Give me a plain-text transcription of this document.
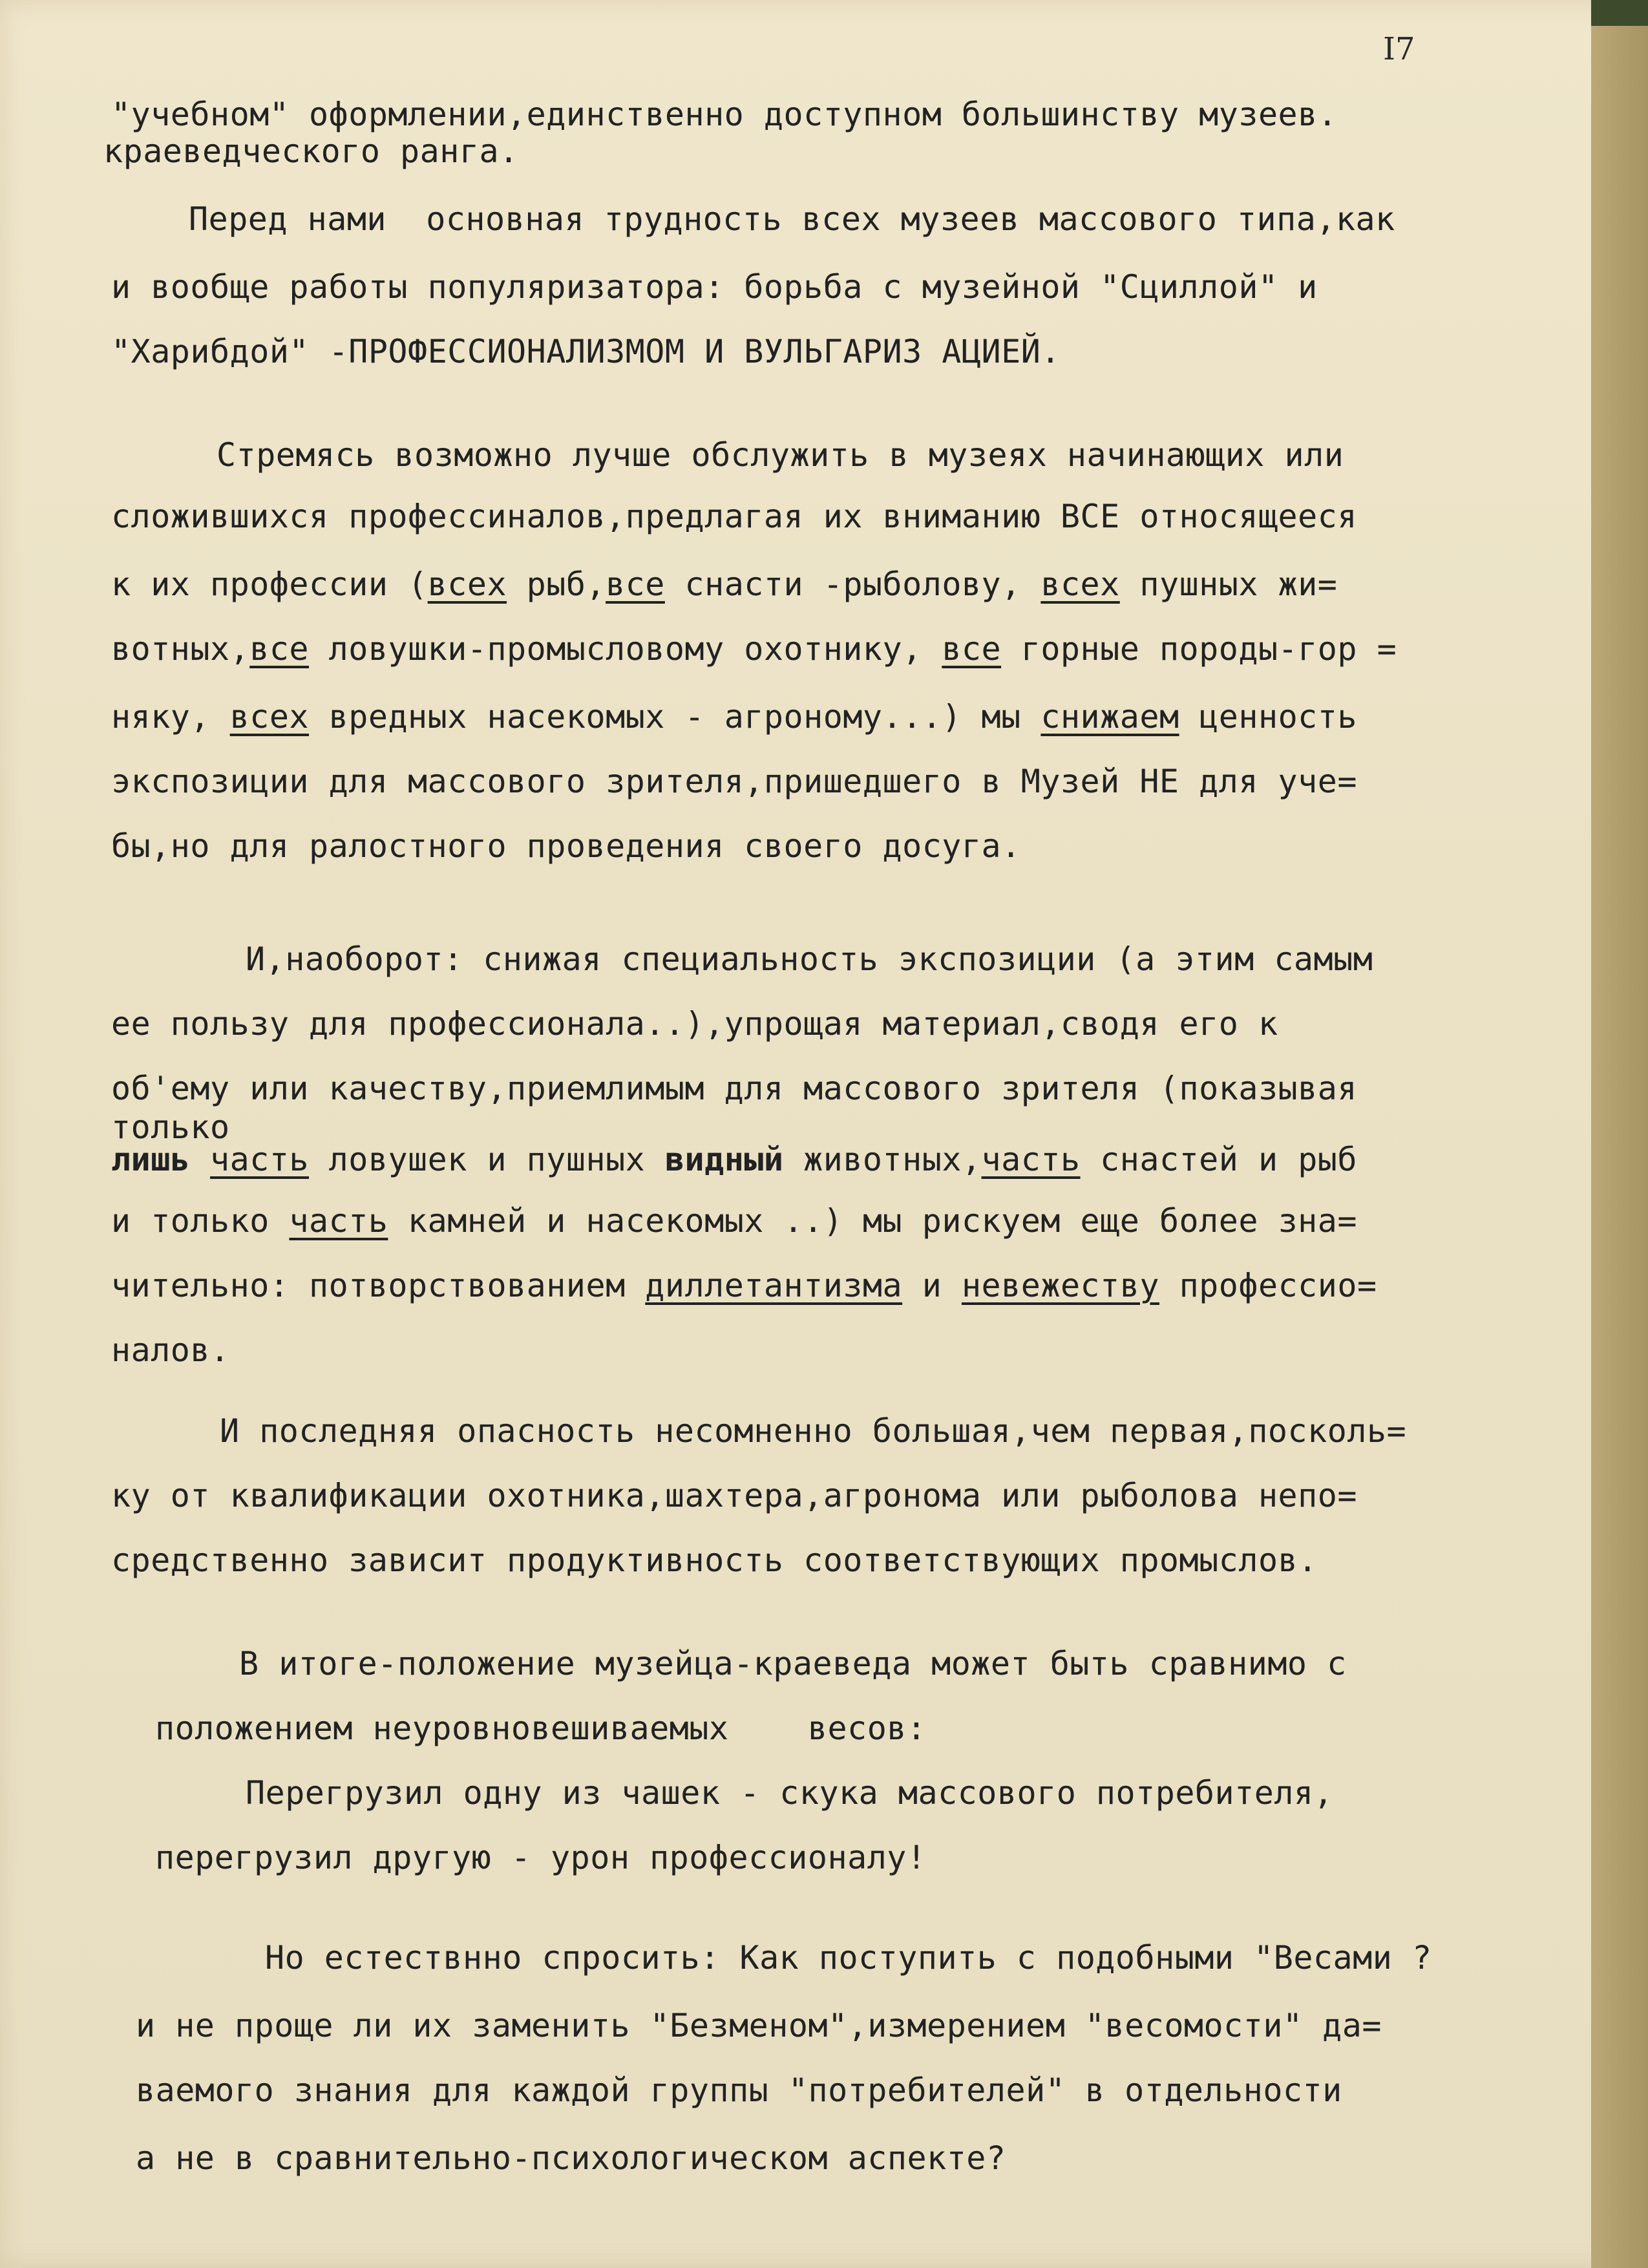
I7
"учебном" оформлении,единственно доступном большинству музеев.
краеведческого ранга.
Перед нами  основная трудность всех музеев массового типа,как
и вообще работы популяризатора: борьба с музейной "Сциллой" и
"Харибдой" -ПРОФЕССИОНАЛИЗМОМ И ВУЛЬГАРИЗ АЦИЕЙ.
Стремясь возможно лучше обслужить в музеях начинающих или
сложившихся профессиналов,предлагая их вниманию ВСЕ относящееся
к их профессии (всех рыб,все снасти -рыболову, всех пушных жи=
вотных,все ловушки-промысловому охотнику, все горные породы-гор =
няку, всех вредных насекомых - агроному...) мы снижаем ценность
экспозиции для массового зрителя,пришедшего в Музей НЕ для уче=
бы,но для ралостного проведения своего досуга.
И,наоборот: снижая специальность экспозиции (а этим самым
ее пользу для профессионала..),упрощая материал,сводя его к
об'ему или качеству,приемлимым для массового зрителя (показывая
только
лишь часть ловушек и пушных видный животных,часть снастей и рыб
и только часть камней и насекомых ..) мы рискуем еще более зна=
чительно: потворствованием диллетантизма и невежеству профессио=
налов.
И последняя опасность несомненно большая,чем первая,посколь=
ку от квалификации охотника,шахтера,агронома или рыболова непо=
средственно зависит продуктивность соответствующих промыслов.
В итоге-положение музейца-краеведа может быть сравнимо с
положением неуровновешиваемых    весов:
Перегрузил одну из чашек - скука массового потребителя,
перегрузил другую - урон профессионалу!
Но естествнно спросить: Как поступить с подобными "Весами ?
и не проще ли их заменить "Безменом",измерением "весомости" да=
ваемого знания для каждой группы "потребителей" в отдельности
а не в сравнительно-психологическом аспекте?
